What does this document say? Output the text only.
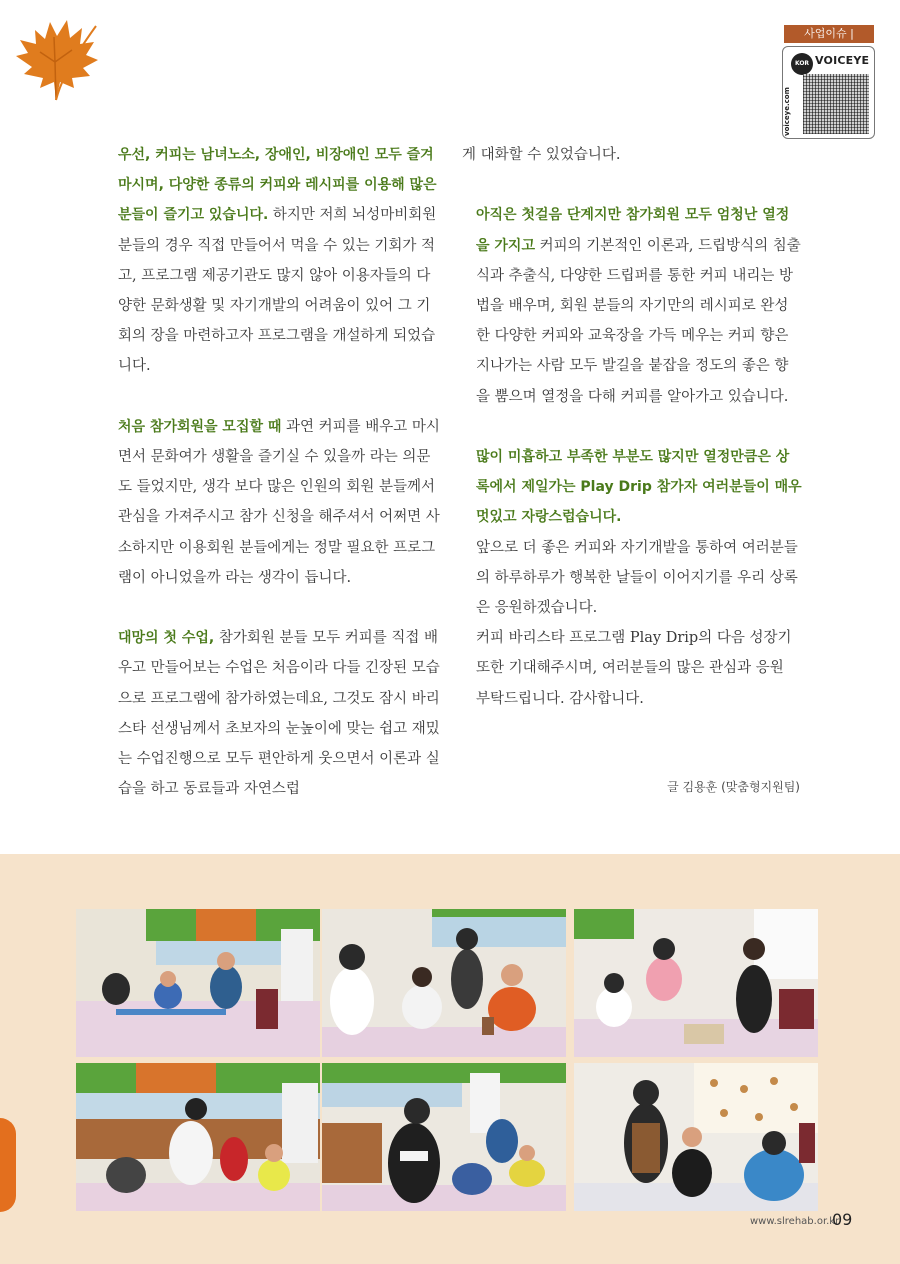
사업이슈 |
KOR VOICEYE
voiceye.com

우선, 커피는 남녀노소, 장애인, 비장애인 모두 즐겨 마시며, 다양한 종류의 커피와 레시피를 이용해 많은 분들이 즐기고 있습니다. 하지만 저희 뇌성마비회원 분들의 경우 직접 만들어서 먹을 수 있는 기회가 적고, 프로그램 제공기관도 많지 않아 이용자들의 다양한 문화생활 및 자기개발의 어려움이 있어 그 기회의 장을 마련하고자 프로그램을 개설하게 되었습니다.

처음 참가회원을 모집할 때 과연 커피를 배우고 마시면서 문화여가 생활을 즐기실 수 있을까 라는 의문도 들었지만, 생각 보다 많은 인원의 회원 분들께서 관심을 가져주시고 참가 신청을 해주셔서 어쩌면 사소하지만 이용회원 분들에게는 정말 필요한 프로그램이 아니었을까 라는 생각이 듭니다.

대망의 첫 수업, 참가회원 분들 모두 커피를 직접 배우고 만들어보는 수업은 처음이라 다들 긴장된 모습으로 프로그램에 참가하였는데요, 그것도 잠시 바리스타 선생님께서 초보자의 눈높이에 맞는 쉽고 재밌는 수업진행으로 모두 편안하게 웃으면서 이론과 실습을 하고 동료들과 자연스럽

게 대화할 수 있었습니다.

아직은 첫걸음 단계지만 참가회원 모두 엄청난 열정을 가지고 커피의 기본적인 이론과, 드립방식의 침출식과 추출식, 다양한 드립퍼를 통한 커피 내리는 방법을 배우며, 회원 분들의 자기만의 레시피로 완성한 다양한 커피와 교육장을 가득 메우는 커피 향은 지나가는 사람 모두 발길을 붙잡을 정도의 좋은 향을 뿜으며 열정을 다해 커피를 알아가고 있습니다.

많이 미흡하고 부족한 부분도 많지만 열정만큼은 상록에서 제일가는 Play Drip 참가자 여러분들이 매우 멋있고 자랑스럽습니다.

앞으로 더 좋은 커피와 자기개발을 통하여 여러분들의 하루하루가 행복한 날들이 이어지기를 우리 상록은 응원하겠습니다.

커피 바리스타 프로그램 Play Drip의 다음 성장기 또한 기대해주시며, 여러분들의 많은 관심과 응원 부탁드립니다. 감사합니다.

글 김용훈 (맞춤형지원팀)
www.slrehab.or.kr
09
